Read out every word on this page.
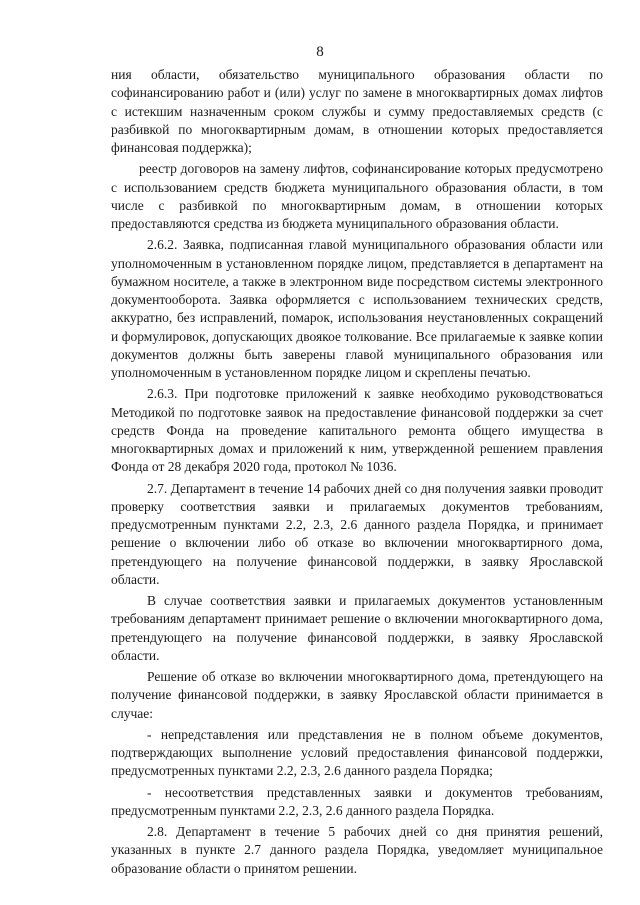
8

ния области, обязательство муниципального образования области по софинансированию работ и (или) услуг по замене в многоквартирных домах лифтов с истекшим назначенным сроком службы и сумму предоставляемых средств (с разбивкой по многоквартирным домам, в отношении которых предоставляется финансовая поддержка);

реестр договоров на замену лифтов, софинансирование которых предусмотрено с использованием средств бюджета муниципального образования области, в том числе с разбивкой по многоквартирным домам, в отношении которых предоставляются средства из бюджета муниципального образования области.

2.6.2. Заявка, подписанная главой муниципального образования области или уполномоченным в установленном порядке лицом, представляется в департамент на бумажном носителе, а также в электронном виде посредством системы электронного документооборота. Заявка оформляется с использованием технических средств, аккуратно, без исправлений, помарок, использования неустановленных сокращений и формулировок, допускающих двоякое толкование. Все прилагаемые к заявке копии документов должны быть заверены главой муниципального образования или уполномоченным в установленном порядке лицом и скреплены печатью.

2.6.3. При подготовке приложений к заявке необходимо руководствоваться Методикой по подготовке заявок на предоставление финансовой поддержки за счет средств Фонда на проведение капитального ремонта общего имущества в многоквартирных домах и приложений к ним, утвержденной решением правления Фонда от 28 декабря 2020 года, протокол № 1036.

2.7. Департамент в течение 14 рабочих дней со дня получения заявки проводит проверку соответствия заявки и прилагаемых документов требованиям, предусмотренным пунктами 2.2, 2.3, 2.6 данного раздела Порядка, и принимает решение о включении либо об отказе во включении многоквартирного дома, претендующего на получение финансовой поддержки, в заявку Ярославской области.

В случае соответствия заявки и прилагаемых документов установленным требованиям департамент принимает решение о включении многоквартирного дома, претендующего на получение финансовой поддержки, в заявку Ярославской области.

Решение об отказе во включении многоквартирного дома, претендующего на получение финансовой поддержки, в заявку Ярославской области принимается в случае:

- непредставления или представления не в полном объеме документов, подтверждающих выполнение условий предоставления финансовой поддержки, предусмотренных пунктами 2.2, 2.3, 2.6 данного раздела Порядка;

- несоответствия представленных заявки и документов требованиям, предусмотренным пунктами 2.2, 2.3, 2.6 данного раздела Порядка.

2.8. Департамент в течение 5 рабочих дней со дня принятия решений, указанных в пункте 2.7 данного раздела Порядка, уведомляет муниципальное образование области о принятом решении.
